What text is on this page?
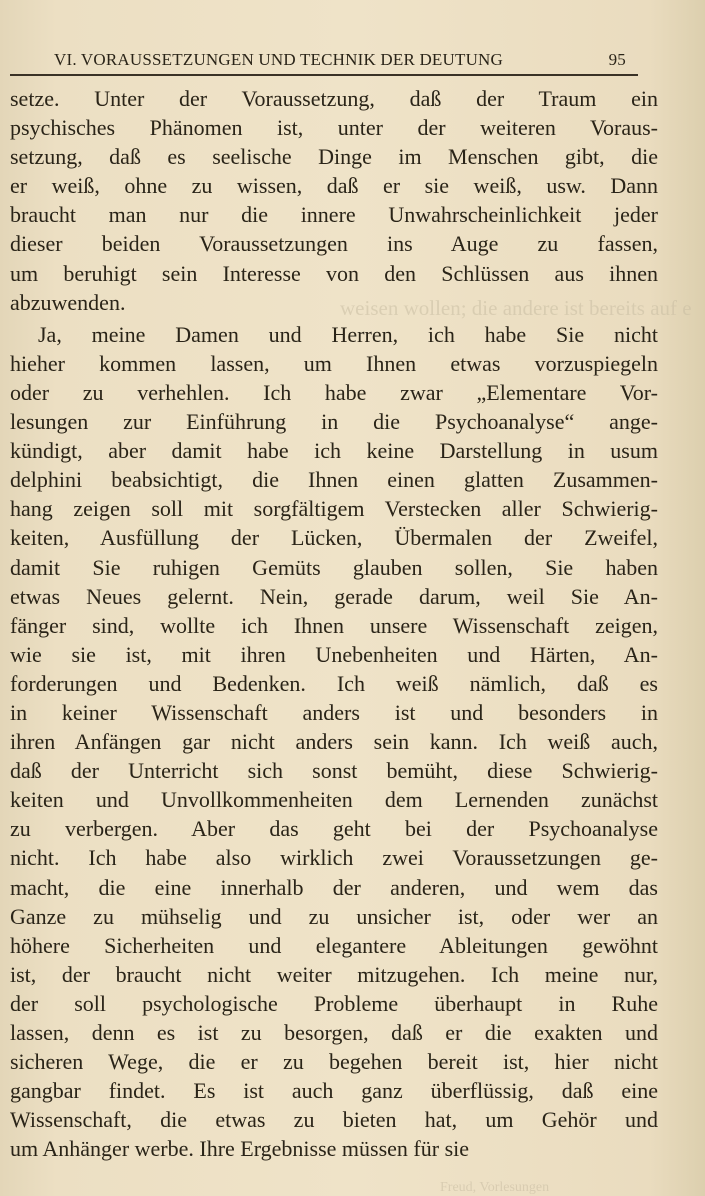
VI. VORAUSSETZUNGEN UND TECHNIK DER DEUTUNG	95
weisen wollen; die andere ist bereits auf e
setze. Unter der Voraussetzung, daß der Traum ein
psychisches Phänomen ist, unter der weiteren Voraus-
setzung, daß es seelische Dinge im Menschen gibt, die
er weiß, ohne zu wissen, daß er sie weiß, usw. Dann
braucht man nur die innere Unwahrscheinlichkeit jeder
dieser beiden Voraussetzungen ins Auge zu fassen,
um beruhigt sein Interesse von den Schlüssen aus ihnen
abzuwenden.
Ja, meine Damen und Herren, ich habe Sie nicht
hieher kommen lassen, um Ihnen etwas vorzuspiegeln
oder zu verhehlen. Ich habe zwar „Elementare Vor-
lesungen zur Einführung in die Psychoanalyse“ ange-
kündigt, aber damit habe ich keine Darstellung in usum
delphini beabsichtigt, die Ihnen einen glatten Zusammen-
hang zeigen soll mit sorgfältigem Verstecken aller Schwierig-
keiten, Ausfüllung der Lücken, Übermalen der Zweifel,
damit Sie ruhigen Gemüts glauben sollen, Sie haben
etwas Neues gelernt. Nein, gerade darum, weil Sie An-
fänger sind, wollte ich Ihnen unsere Wissenschaft zeigen,
wie sie ist, mit ihren Unebenheiten und Härten, An-
forderungen und Bedenken. Ich weiß nämlich, daß es
in keiner Wissenschaft anders ist und besonders in
ihren Anfängen gar nicht anders sein kann. Ich weiß auch,
daß der Unterricht sich sonst bemüht, diese Schwierig-
keiten und Unvollkommenheiten dem Lernenden zunächst
zu verbergen. Aber das geht bei der Psychoanalyse
nicht. Ich habe also wirklich zwei Voraussetzungen ge-
macht, die eine innerhalb der anderen, und wem das
Ganze zu mühselig und zu unsicher ist, oder wer an
höhere Sicherheiten und elegantere Ableitungen gewöhnt
ist, der braucht nicht weiter mitzugehen. Ich meine nur,
der soll psychologische Probleme überhaupt in Ruhe
lassen, denn es ist zu besorgen, daß er die exakten und
sicheren Wege, die er zu begehen bereit ist, hier nicht
gangbar findet. Es ist auch ganz überflüssig, daß eine
Wissenschaft, die etwas zu bieten hat, um Gehör und
um Anhänger werbe. Ihre Ergebnisse müssen für sie
Freud, Vorlesungen
